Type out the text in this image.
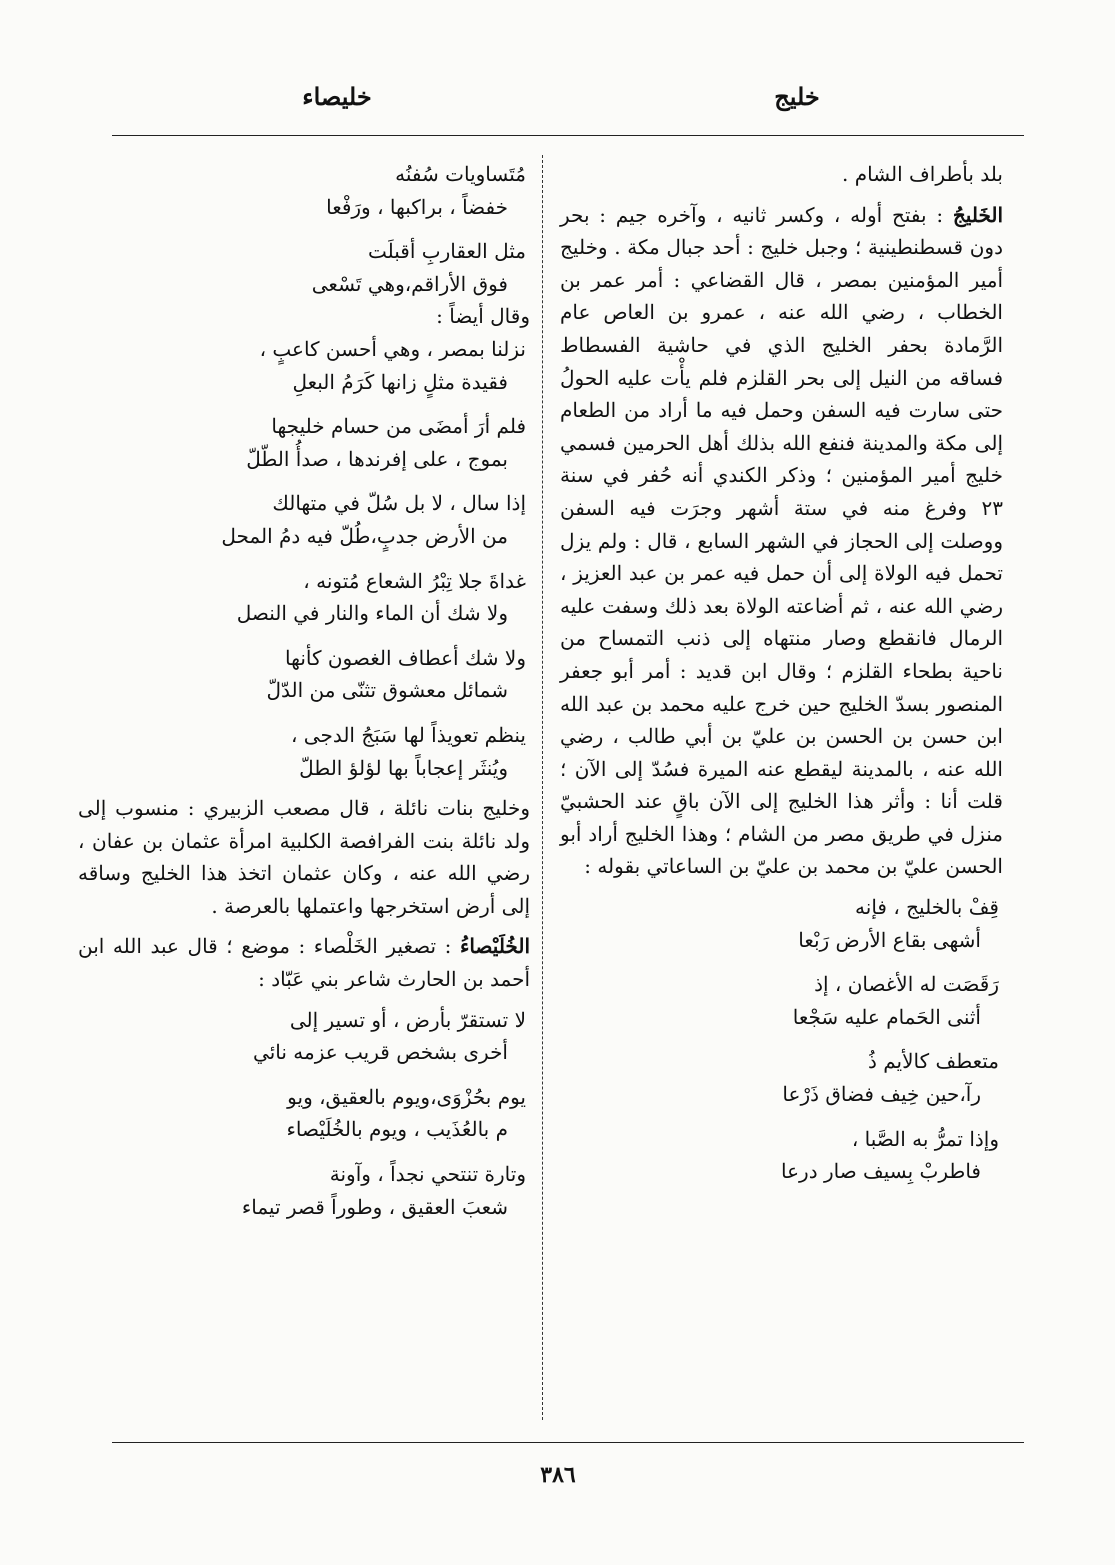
خليج
خليصاء

بلد بأطراف الشام .

الخَليجُ : بفتح أوله ، وكسر ثانيه ، وآخره جيم : بحر دون قسطنطينية ؛ وجبل خليج : أحد جبال مكة . وخليج أمير المؤمنين بمصر ، قال القضاعي : أمر عمر بن الخطاب ، رضي الله عنه ، عمرو بن العاص عام الرَّمادة بحفر الخليج الذي في حاشية الفسطاط فساقه من النيل إلى بحر القلزم فلم يأْت عليه الحولُ حتى سارت فيه السفن وحمل فيه ما أراد من الطعام إلى مكة والمدينة فنفع الله بذلك أهل الحرمين فسمي خليج أمير المؤمنين ؛ وذكر الكندي أنه حُفر في سنة ٢٣ وفرغ منه في ستة أشهر وجرَت فيه السفن ووصلت إلى الحجاز في الشهر السابع ، قال : ولم يزل تحمل فيه الولاة إلى أن حمل فيه عمر بن عبد العزيز ، رضي الله عنه ، ثم أضاعته الولاة بعد ذلك وسفت عليه الرمال فانقطع وصار منتهاه إلى ذنب التمساح من ناحية بطحاء القلزم ؛ وقال ابن قديد : أمر أبو جعفر المنصور بسدّ الخليج حين خرج عليه محمد بن عبد الله ابن حسن بن الحسن بن عليّ بن أبي طالب ، رضي الله عنه ، بالمدينة ليقطع عنه الميرة فسُدّ إلى الآن ؛ قلت أنا : وأثر هذا الخليج إلى الآن باقٍ عند الحشبيّ منزل في طريق مصر من الشام ؛ وهذا الخليج أراد أبو الحسن عليّ بن محمد بن عليّ بن الساعاتي بقوله :

قِفْ بالخليج ، فإنه
أشهى بقاع الأرض رَبْعا
رَقَصَت له الأغصان ، إذ
أثنى الحَمام عليه سَجْعا
متعطف كالأيم ذُ
رآ،حين خِيف فضاق ذَرْعا
وإذا تمرُّ به الصَّبا ،
فاطربْ بِسيف صار درعا
مُتَساويات سُفنُه
خفضاً ، براكبها ، ورَفْعا
مثل العقاربِ أقبلَت
فوق الأراقم،وهي تَسْعى

وقال أيضاً :

نزلنا بمصر ، وهي أحسن كاعبٍ ،
فقيدة مثلٍ زانها كَرَمُ البعلِ
فلم أرَ أمضَى من حسام خليجها
بموج ، على إفرندها ، صدأُ الطّلّ
إذا سال ، لا بل سُلّ في متهالك
من الأرض جدبٍ،طُلّ فيه دمُ المحل
غداةَ جلا تِبْرُ الشعاع مُتونه ،
ولا شك أن الماء والنار في النصل
ولا شك أعطاف الغصون كأنها
شمائل معشوق تثنّى من الدّلّ
ينظم تعويذاً لها سَبَجُ الدجى ،
ويُنثَر إعجاباً بها لؤلؤ الطلّ

وخليج بنات نائلة ، قال مصعب الزبيري : منسوب إلى ولد نائلة بنت الفرافصة الكلبية امرأة عثمان بن عفان ، رضي الله عنه ، وكان عثمان اتخذ هذا الخليج وساقه إلى أرض استخرجها واعتملها بالعرصة .

الخُلَيْصاءُ : تصغير الخَلْصاء : موضع ؛ قال عبد الله ابن أحمد بن الحارث شاعر بني عَبّاد :

لا تستقرّ بأرض ، أو تسير إلى
أخرى بشخص قريب عزمه نائي
يوم بحُزْوَى،ويوم بالعقيق، ويو
م بالعُذَيب ، ويوم بالخُلَيْصاء
وتارة تنتحي نجداً ، وآونة
شعبَ العقيق ، وطوراً قصر تيماء
٣٨٦
